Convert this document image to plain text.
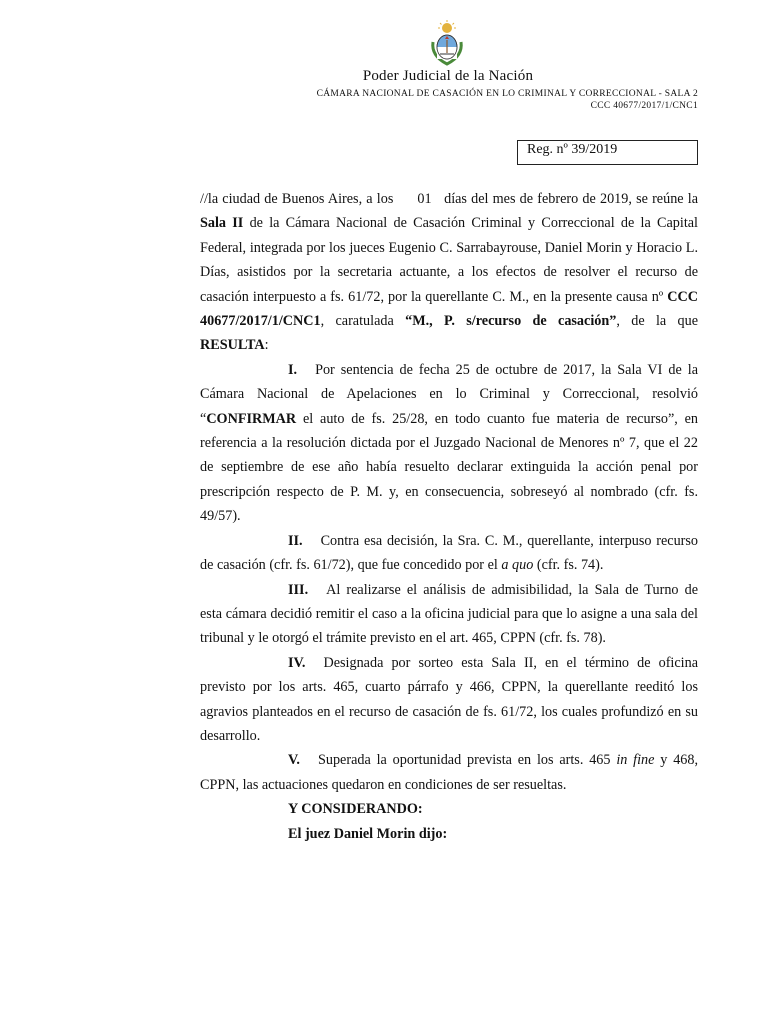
Poder Judicial de la Nación
CÁMARA NACIONAL DE CASACIÓN EN LO CRIMINAL Y CORRECCIONAL - SALA 2
CCC 40677/2017/1/CNC1
Reg. nº 39/2019

//la ciudad de Buenos Aires, a los 01 días del mes de febrero de 2019, se reúne la Sala II de la Cámara Nacional de Casación Criminal y Correccional de la Capital Federal, integrada por los jueces Eugenio C. Sarrabayrouse, Daniel Morin y Horacio L. Días, asistidos por la secretaria actuante, a los efectos de resolver el recurso de casación interpuesto a fs. 61/72, por la querellante C. M., en la presente causa nº CCC 40677/2017/1/CNC1, caratulada “M., P. s/recurso de casación”, de la que RESULTA:

I. Por sentencia de fecha 25 de octubre de 2017, la Sala VI de la Cámara Nacional de Apelaciones en lo Criminal y Correccional, resolvió “CONFIRMAR el auto de fs. 25/28, en todo cuanto fue materia de recurso”, en referencia a la resolución dictada por el Juzgado Nacional de Menores nº 7, que el 22 de septiembre de ese año había resuelto declarar extinguida la acción penal por prescripción respecto de P. M. y, en consecuencia, sobreseyó al nombrado (cfr. fs. 49/57).

II. Contra esa decisión, la Sra. C. M., querellante, interpuso recurso de casación (cfr. fs. 61/72), que fue concedido por el a quo (cfr. fs. 74).

III. Al realizarse el análisis de admisibilidad, la Sala de Turno de esta cámara decidió remitir el caso a la oficina judicial para que lo asigne a una sala del tribunal y le otorgó el trámite previsto en el art. 465, CPPN (cfr. fs. 78).

IV. Designada por sorteo esta Sala II, en el término de oficina previsto por los arts. 465, cuarto párrafo y 466, CPPN, la querellante reeditó los agravios planteados en el recurso de casación de fs. 61/72, los cuales profundizó en su desarrollo.

V. Superada la oportunidad prevista en los arts. 465 in fine y 468, CPPN, las actuaciones quedaron en condiciones de ser resueltas.

Y CONSIDERANDO:
El juez Daniel Morin dijo:
